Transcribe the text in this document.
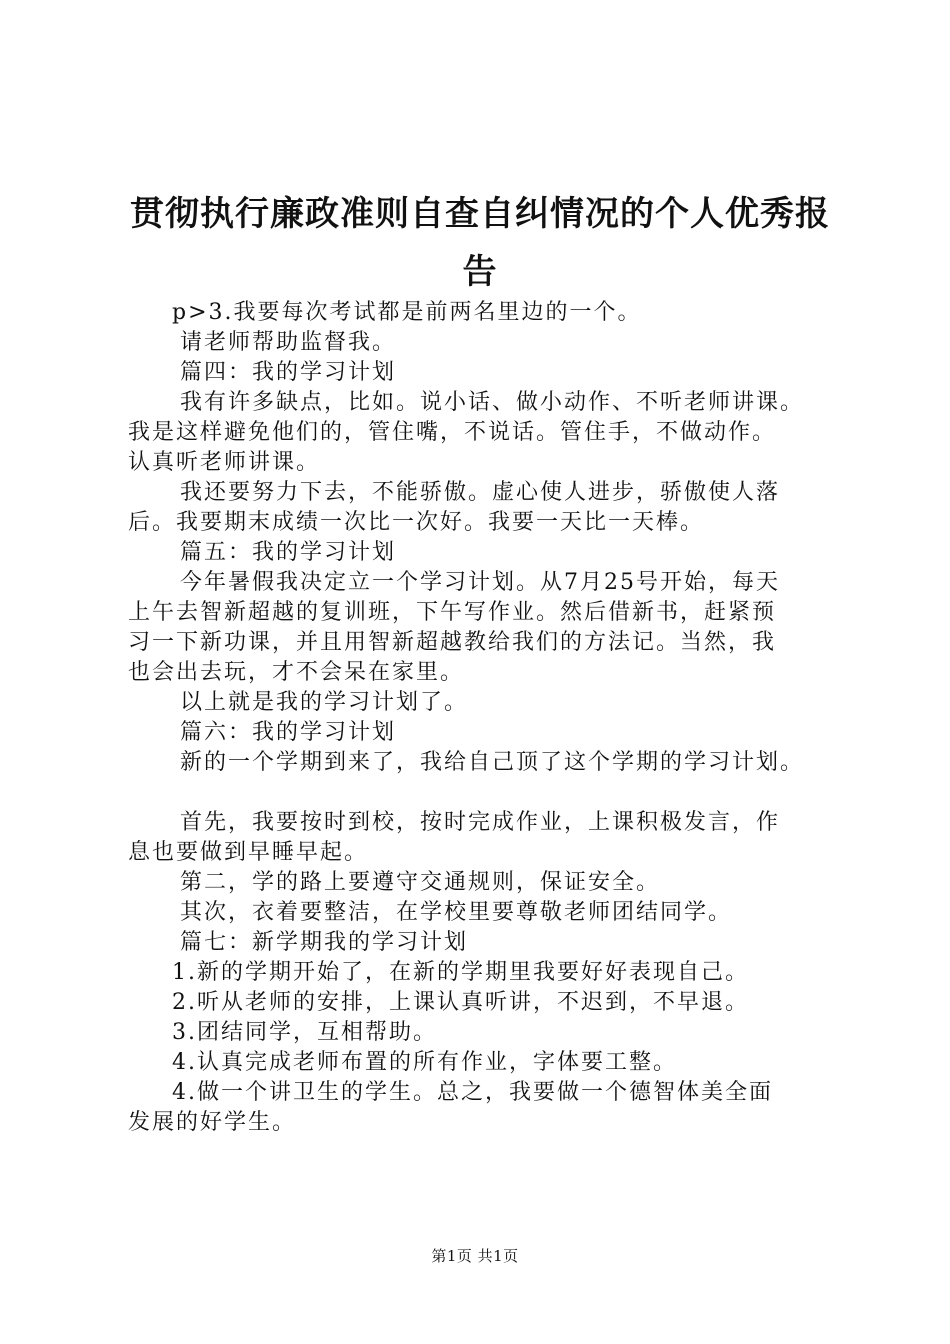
贯彻执行廉政准则自查自纠情况的个人优秀报
告

p>3.我要每次考试都是前两名里边的一个。

请老师帮助监督我。

篇四：我的学习计划

我有许多缺点，比如。说小话、做小动作、不听老师讲课。

我是这样避免他们的，管住嘴，不说话。管住手，不做动作。

认真听老师讲课。

我还要努力下去，不能骄傲。虚心使人进步，骄傲使人落

后。我要期末成绩一次比一次好。我要一天比一天棒。

篇五：我的学习计划

今年暑假我决定立一个学习计划。从7月25号开始，每天

上午去智新超越的复训班，下午写作业。然后借新书，赶紧预

习一下新功课，并且用智新超越教给我们的方法记。当然，我

也会出去玩，才不会呆在家里。

以上就是我的学习计划了。

篇六：我的学习计划

新的一个学期到来了，我给自己顶了这个学期的学习计划。

首先，我要按时到校，按时完成作业，上课积极发言，作

息也要做到早睡早起。

第二，学的路上要遵守交通规则，保证安全。

其次，衣着要整洁，在学校里要尊敬老师团结同学。

篇七：新学期我的学习计划

1.新的学期开始了，在新的学期里我要好好表现自己。

2.听从老师的安排，上课认真听讲，不迟到，不早退。

3.团结同学，互相帮助。

4.认真完成老师布置的所有作业，字体要工整。

4.做一个讲卫生的学生。总之，我要做一个德智体美全面

发展的好学生。

第1页 共1页
